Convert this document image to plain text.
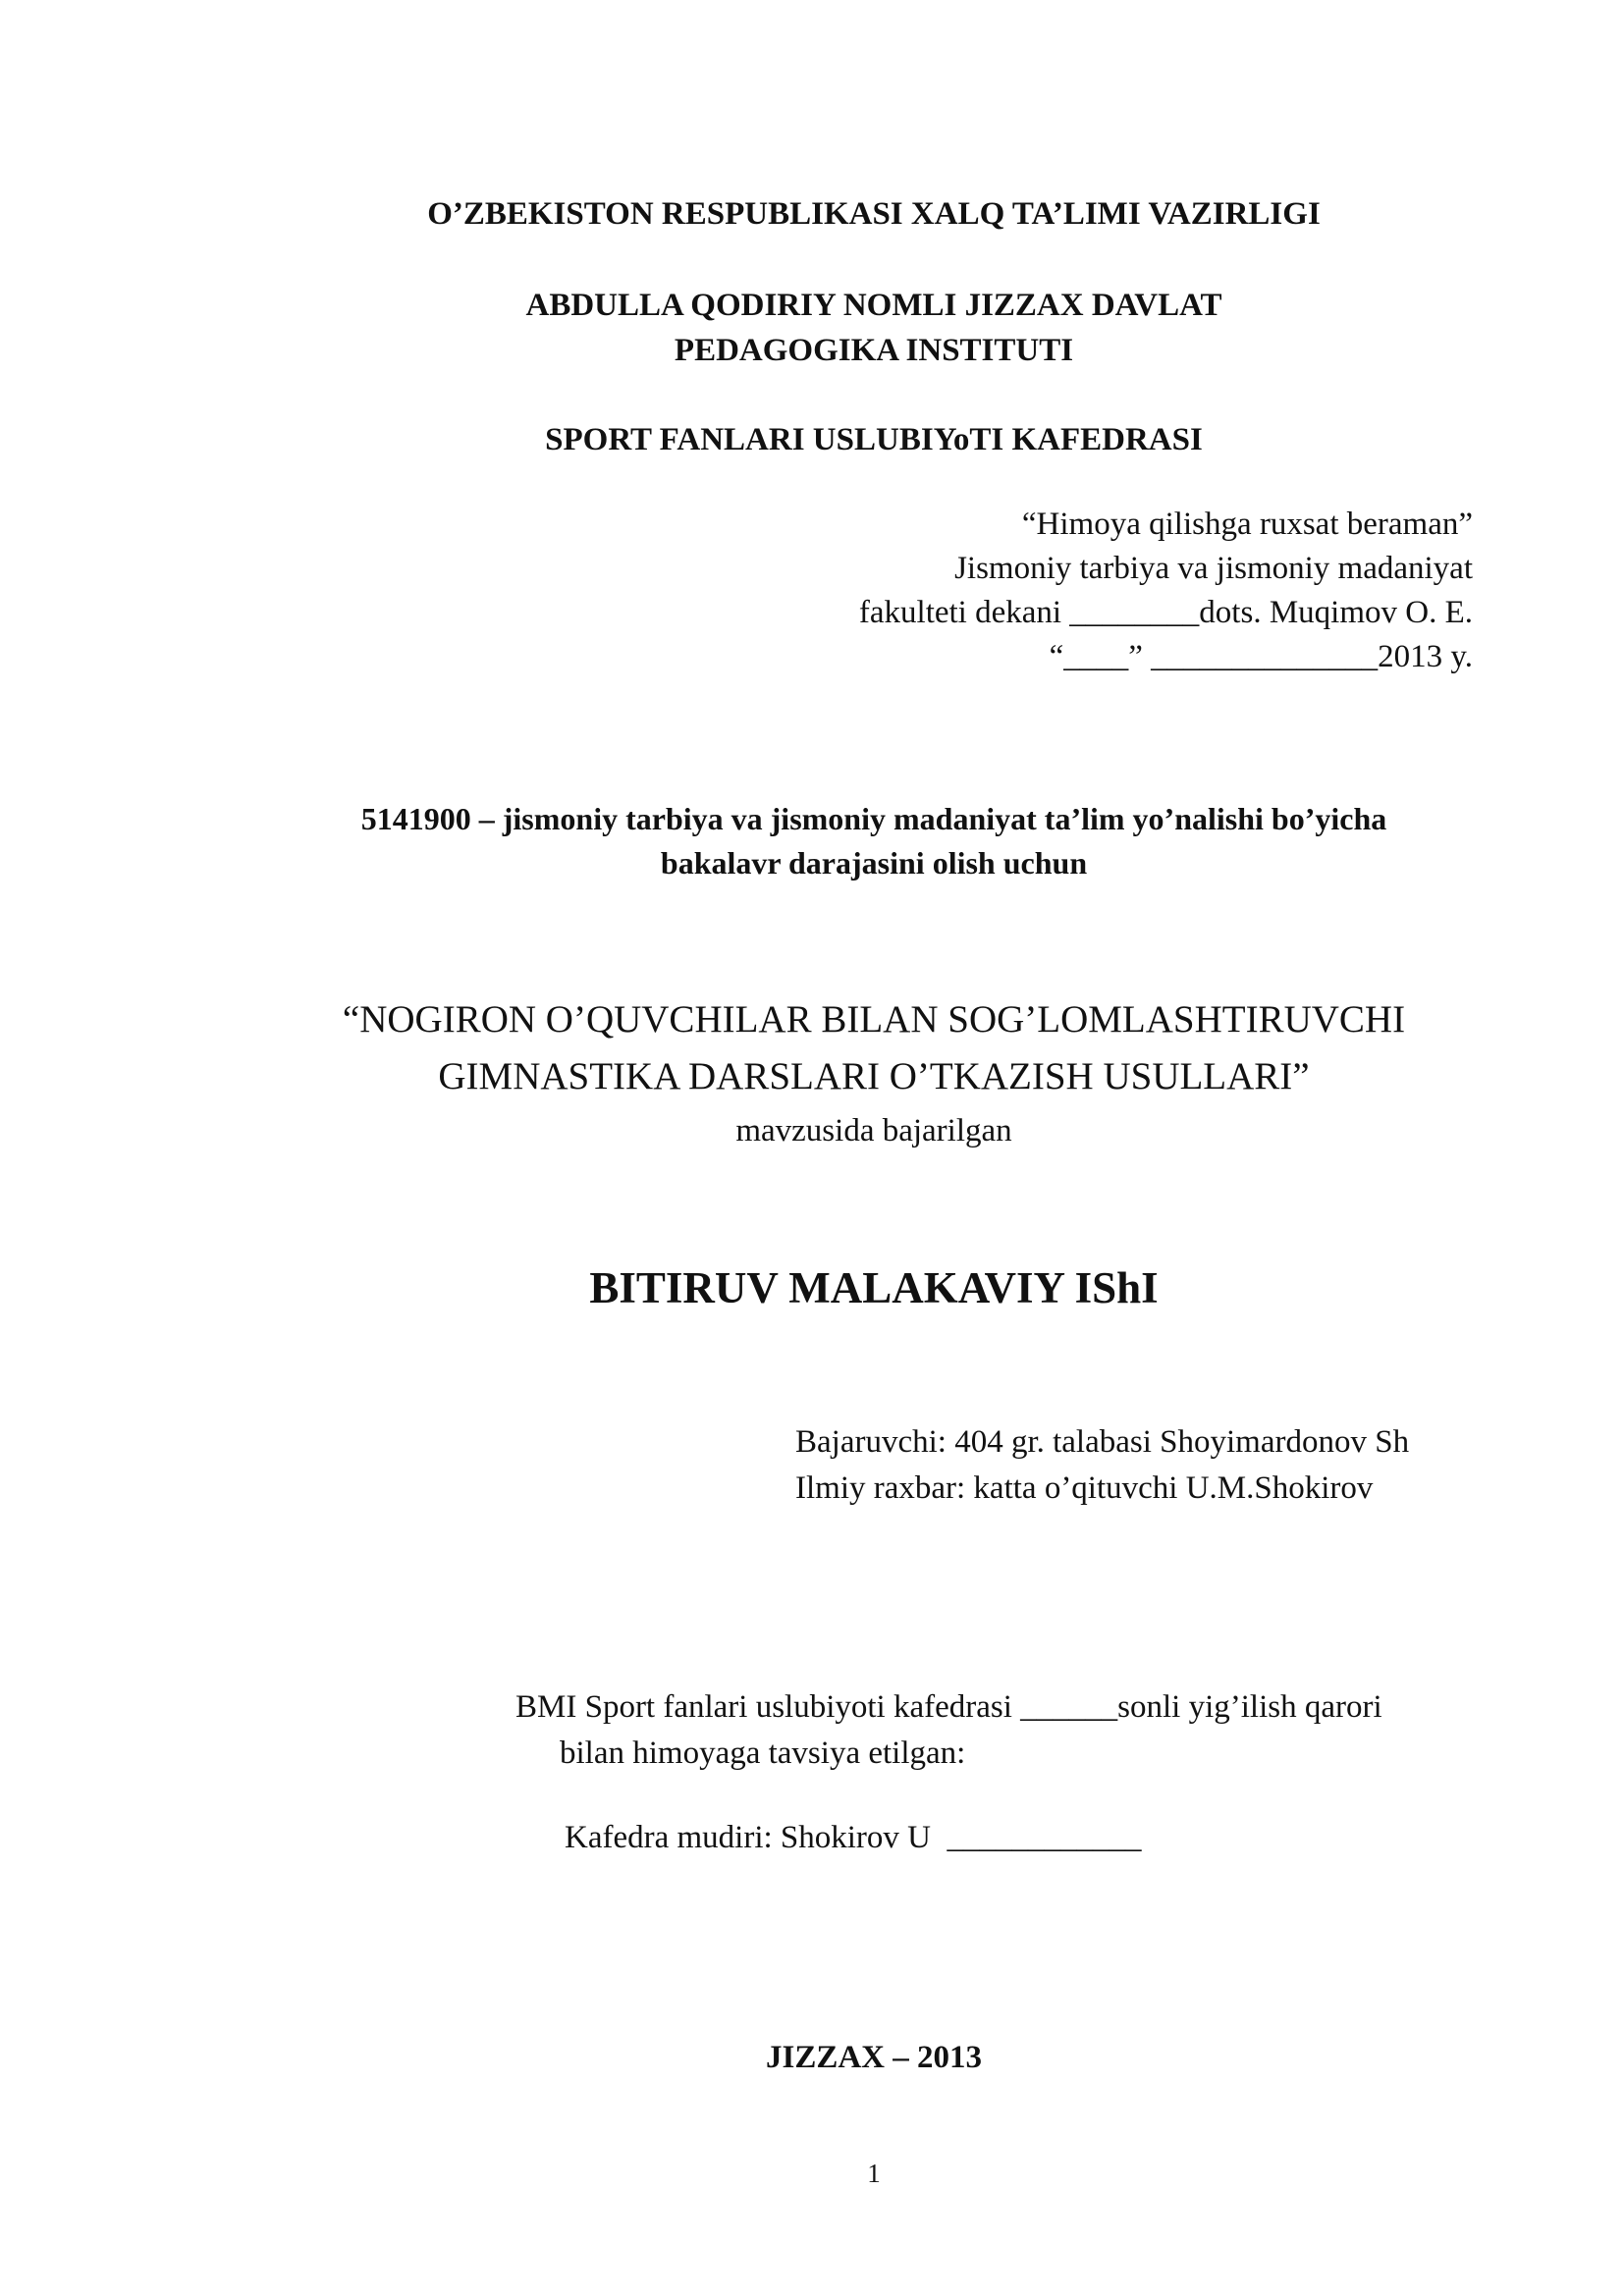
O’ZBEKISTON RESPUBLIKASI XALQ TA’LIMI VAZIRLIGI

ABDULLA QODIRIY NOMLI JIZZAX DAVLAT
PEDAGOGIKA INSTITUTI

SPORT FANLARI USLUBIYoTI KAFEDRASI

“Himoya qilishga ruxsat beraman”
Jismoniy tarbiya va jismoniy madaniyat
fakulteti dekani ________dots. Muqimov O. E.
“____” ______________2013 y.
5141900 – jismoniy tarbiya va jismoniy madaniyat ta’lim yo’nalishi bo’yicha
bakalavr darajasini olish uchun
“NOGIRON O’QUVCHILAR BILAN SOG’LOMLASHTIRUVCHI
GIMNASTIKA DARSLARI O’TKAZISH USULLARI”

mavzusida bajarilgan

BITIRUV MALAKAVIY IShI

Bajaruvchi: 404 gr. talabasi Shoyimardonov Sh
Ilmiy raxbar: katta o’qituvchi U.M.Shokirov
BMI Sport fanlari uslubiyoti kafedrasi ______sonli yig’ilish qarori
bilan himoyaga tavsiya etilgan:

Kafedra mudiri: Shokirov U  ____________

JIZZAX – 2013

1
